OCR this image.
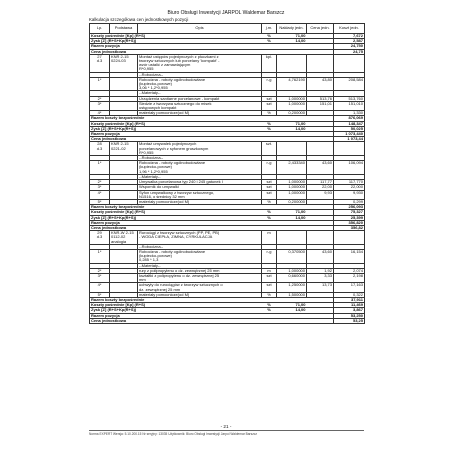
Biuro Obsługi Inwestycji JARPOL Waldemar Barszcz
Kalkulacja szczegółowa cen jednostkowych pozycji
Lp.	Podstawa	Opis	j.m.	Nakłady jedn.	Cena jedn.	Koszt jedn.
Koszty pośrednie [Kp] (R+S)			%	71,00		7,672
Zysk [Z] (R+S+Kp(R+S))			%	14,00		2,587
Razem pozycja						24,750
Cena jednostkowa						24,75

27
d.3	KNR 2-15
0224-03	Montaż ustępów pojedynczych z płuczkami z
tworzyw sztucznych lub porcelany 'kompakt' -
wzór ustalić z zamawiającym
R*0,955	kpl.			
		--Robocizna--				
1*		Robocizna - roboty ogólnobudowlane
(kupiecko-porowe)
3,06 * 1,2*0,955	r-g	4,762190	43,80	208,584
		--Materiały--				
2*		Urządzenia sanitarne porcelanowe - kompakt	szt	1,000000	513,76	513,760
3*		Siedzie z tworzywa sztucznego do misek
ustępowych kompakt	szt	1,000000	151,01	151,010
4*		materiały pomocnicze(od M)	%	0,200000		1,330
Razem koszty bezpośrednie						876,069
Koszty pośrednie [Kp] (R+S)			%	71,00		148,347
Zysk [Z] (R+S+Kp(R+S))			%	14,00		50,025
Razem pozycja						1 073,440
Cena jednostkowa						1 073,44

28
d.3	KNR 2-15
0221-02	Montaż umywalek pojedynczych
porcelanowych z syfonem gruszkowym
R*0,955	szt.			
		--Robocizna--				
1*		Robocizna - roboty ogólnobudowlane
(kupiecko-porowe)
1,96 * 1,2*0,955	r-g	2,433340	43,60	106,094
		--Materiały--				
2*		Umywalka porcelanowa typ 240 i 245 gatunek I	szt	1,000000	117,77	117,770
3*		Wspornik do umywalki	szt	1,000000	22,00	22,000
4*		Syfon umywalkowy z tworzyw sztucznego,
N1516, o średnicy 32 mm	szt	1,000000	9,93	9,930
5*		materiały pomocnicze(od M)	%	0,200000		0,299
Razem koszty bezpośrednie						256,093
Koszty pośrednie [Kp] (R+S)			%	71,00		75,327
Zysk [Z] (R+S+Kp(R+S))			%	14,00		25,399
Razem pozycja						356,820
Cena jednostkowa						356,82

29
d.3	KNR-W 2-15
0112-02
analogia	Rurociągi z tworzyw sztucznych (PP, PE, PB)
- WODA CIEPŁA, ZIMNA, CYRKULACJA	m			
		--Robocizna--				
1*		Robocizna - roboty ogólnobudowlane
(kupiecko-porowe)
0,285 * 1,3	r-g	0,370500	43,60	16,154
		--Materiały--				
2*		rury z polipropylenu o dz. zewnętrznej 25 mm	m	1,000000	1,92	2,074
3*		kształtki z polipropylenu o dz. zewnętrznej 25
mm	szt	0,660000	3,33	2,198
4*		uchwyty do rurociągów z tworzyw sztucznych o
dz. zewnętrznej 25 mm	szt	1,250000	13,73	17,163
5*		materiały pomocnicze(od M)	%	1,500000		0,322
Razem koszty bezpośrednie						37,911
Koszty pośrednie [Kp] (R+S)			%	71,00		11,469
Zysk [Z] (R+S+Kp(R+S))			%	14,00		3,867
Razem pozycja						53,250
Cena jednostkowa						53,25
- 21 -
Norma EXPERT Wersja: 5.10.200.15 Nr seryjny: 13035 Użytkownik: Biuro Obsługi Inwestycji Jarpol Waldemar Barszcz
